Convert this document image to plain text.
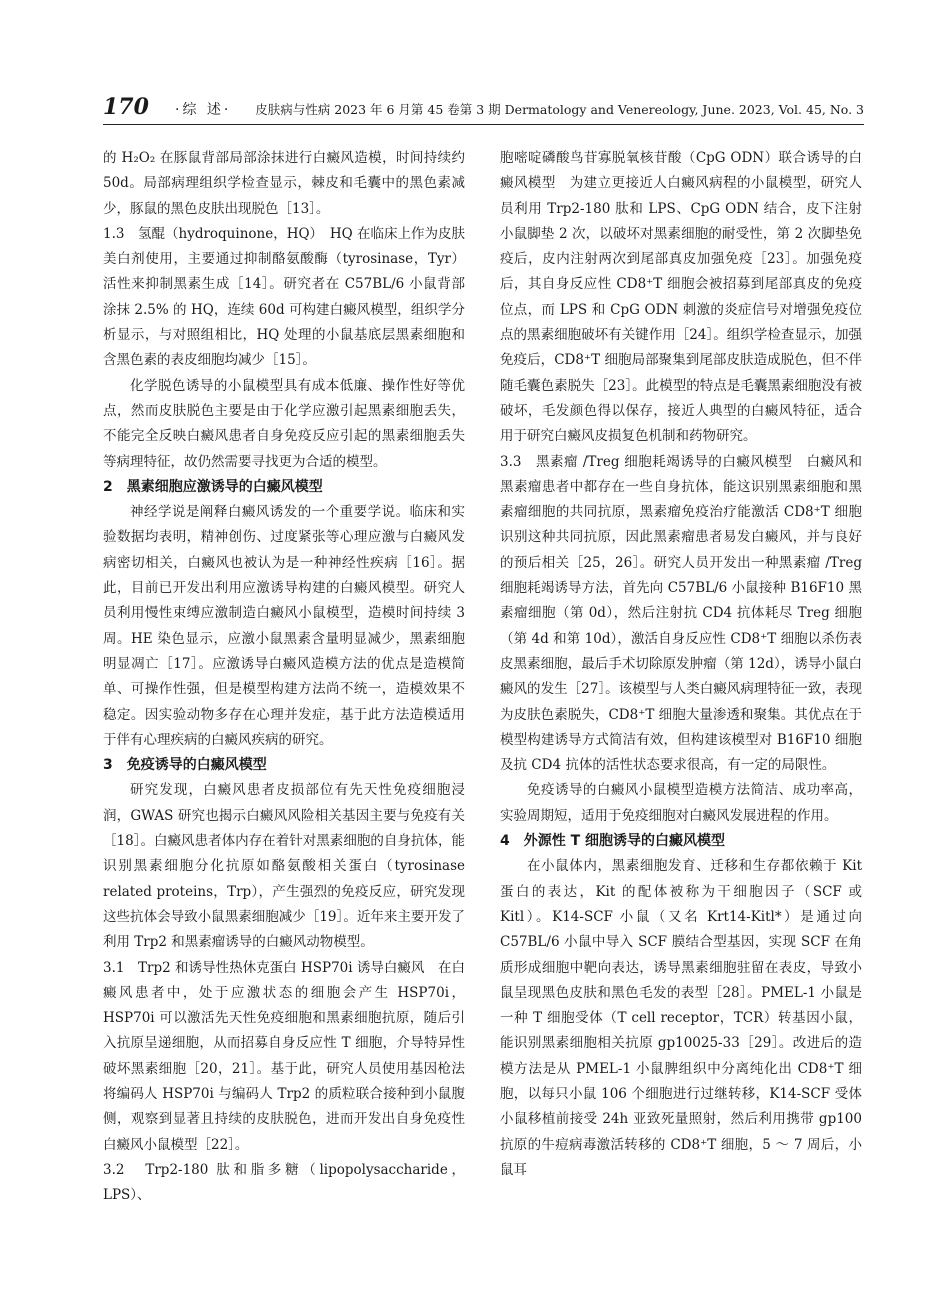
170 ·综 述· 皮肤病与性病 2023 年 6 月第 45 卷第 3 期 Dermatology and Venereology, June. 2023, Vol. 45, No. 3

的 H₂O₂ 在豚鼠背部局部涂抹进行白癜风造模，时间持续约 50d。局部病理组织学检查显示，棘皮和毛囊中的黑色素减少，豚鼠的黑色皮肤出现脱色［13］。

1.3　氢醌（hydroquinone，HQ）　HQ 在临床上作为皮肤美白剂使用，主要通过抑制酪氨酸酶（tyrosinase，Tyr）活性来抑制黑素生成［14］。研究者在 C57BL/6 小鼠背部涂抹 2.5% 的 HQ，连续 60d 可构建白癜风模型，组织学分析显示，与对照组相比，HQ 处理的小鼠基底层黑素细胞和含黑色素的表皮细胞均减少［15］。

化学脱色诱导的小鼠模型具有成本低廉、操作性好等优点，然而皮肤脱色主要是由于化学应激引起黑素细胞丢失，不能完全反映白癜风患者自身免疫反应引起的黑素细胞丢失等病理特征，故仍然需要寻找更为合适的模型。

2　黑素细胞应激诱导的白癜风模型

神经学说是阐释白癜风诱发的一个重要学说。临床和实验数据均表明，精神创伤、过度紧张等心理应激与白癜风发病密切相关，白癜风也被认为是一种神经性疾病［16］。据此，目前已开发出利用应激诱导构建的白癜风模型。研究人员利用慢性束缚应激制造白癜风小鼠模型，造模时间持续 3 周。HE 染色显示，应激小鼠黑素含量明显减少，黑素细胞明显凋亡［17］。应激诱导白癜风造模方法的优点是造模简单、可操作性强，但是模型构建方法尚不统一，造模效果不稳定。因实验动物多存在心理并发症，基于此方法造模适用于伴有心理疾病的白癜风疾病的研究。

3　免疫诱导的白癜风模型

研究发现，白癜风患者皮损部位有先天性免疫细胞浸润，GWAS 研究也揭示白癜风风险相关基因主要与免疫有关［18］。白癜风患者体内存在着针对黑素细胞的自身抗体，能识别黑素细胞分化抗原如酪氨酸相关蛋白（tyrosinase related proteins，Trp），产生强烈的免疫反应，研究发现这些抗体会导致小鼠黑素细胞减少［19］。近年来主要开发了利用 Trp2 和黑素瘤诱导的白癜风动物模型。

3.1　Trp2 和诱导性热休克蛋白 HSP70i 诱导白癜风　在白癜风患者中，处于应激状态的细胞会产生 HSP70i，HSP70i 可以激活先天性免疫细胞和黑素细胞抗原，随后引入抗原呈递细胞，从而招募自身反应性 T 细胞，介导特异性破坏黑素细胞［20，21］。基于此，研究人员使用基因枪法将编码人 HSP70i 与编码人 Trp2 的质粒联合接种到小鼠腹侧，观察到显著且持续的皮肤脱色，进而开发出自身免疫性白癜风小鼠模型［22］。

3.2　Trp2-180 肽和脂多糖（lipopolysaccharide，LPS）、

胞嘧啶磷酸鸟苷寡脱氧核苷酸（CpG ODN）联合诱导的白癜风模型　为建立更接近人白癜风病程的小鼠模型，研究人员利用 Trp2-180 肽和 LPS、CpG ODN 结合，皮下注射小鼠脚垫 2 次，以破坏对黑素细胞的耐受性，第 2 次脚垫免疫后，皮内注射两次到尾部真皮加强免疫［23］。加强免疫后，其自身反应性 CD8⁺T 细胞会被招募到尾部真皮的免疫位点，而 LPS 和 CpG ODN 刺激的炎症信号对增强免疫位点的黑素细胞破坏有关键作用［24］。组织学检查显示，加强免疫后，CD8⁺T 细胞局部聚集到尾部皮肤造成脱色，但不伴随毛囊色素脱失［23］。此模型的特点是毛囊黑素细胞没有被破坏，毛发颜色得以保存，接近人典型的白癜风特征，适合用于研究白癜风皮损复色机制和药物研究。

3.3　黑素瘤 /Treg 细胞耗竭诱导的白癜风模型　白癜风和黑素瘤患者中都存在一些自身抗体，能这识别黑素细胞和黑素瘤细胞的共同抗原，黑素瘤免疫治疗能激活 CD8⁺T 细胞识别这种共同抗原，因此黑素瘤患者易发白癜风，并与良好的预后相关［25，26］。研究人员开发出一种黑素瘤 /Treg 细胞耗竭诱导方法，首先向 C57BL/6 小鼠接种 B16F10 黑素瘤细胞（第 0d），然后注射抗 CD4 抗体耗尽 Treg 细胞（第 4d 和第 10d），激活自身反应性 CD8⁺T 细胞以杀伤表皮黑素细胞，最后手术切除原发肿瘤（第 12d），诱导小鼠白癜风的发生［27］。该模型与人类白癜风病理特征一致，表现为皮肤色素脱失，CD8⁺T 细胞大量渗透和聚集。其优点在于模型构建诱导方式简洁有效，但构建该模型对 B16F10 细胞及抗 CD4 抗体的活性状态要求很高，有一定的局限性。

免疫诱导的白癜风小鼠模型造模方法简洁、成功率高，实验周期短，适用于免疫细胞对白癜风发展进程的作用。

4　外源性 T 细胞诱导的白癜风模型

在小鼠体内，黑素细胞发育、迁移和生存都依赖于 Kit 蛋白的表达，Kit 的配体被称为干细胞因子（SCF 或 Kitl）。K14-SCF 小鼠（又名 Krt14-Kitl*）是通过向 C57BL/6 小鼠中导入 SCF 膜结合型基因，实现 SCF 在角质形成细胞中靶向表达，诱导黑素细胞驻留在表皮，导致小鼠呈现黑色皮肤和黑色毛发的表型［28］。PMEL-1 小鼠是一种 T 细胞受体（T cell receptor，TCR）转基因小鼠，能识别黑素细胞相关抗原 gp10025-33［29］。改进后的造模方法是从 PMEL-1 小鼠脾组织中分离纯化出 CD8⁺T 细胞，以每只小鼠 106 个细胞进行过继转移，K14-SCF 受体小鼠移植前接受 24h 亚致死量照射，然后利用携带 gp100 抗原的牛痘病毒激活转移的 CD8⁺T 细胞，5 ～ 7 周后，小鼠耳
